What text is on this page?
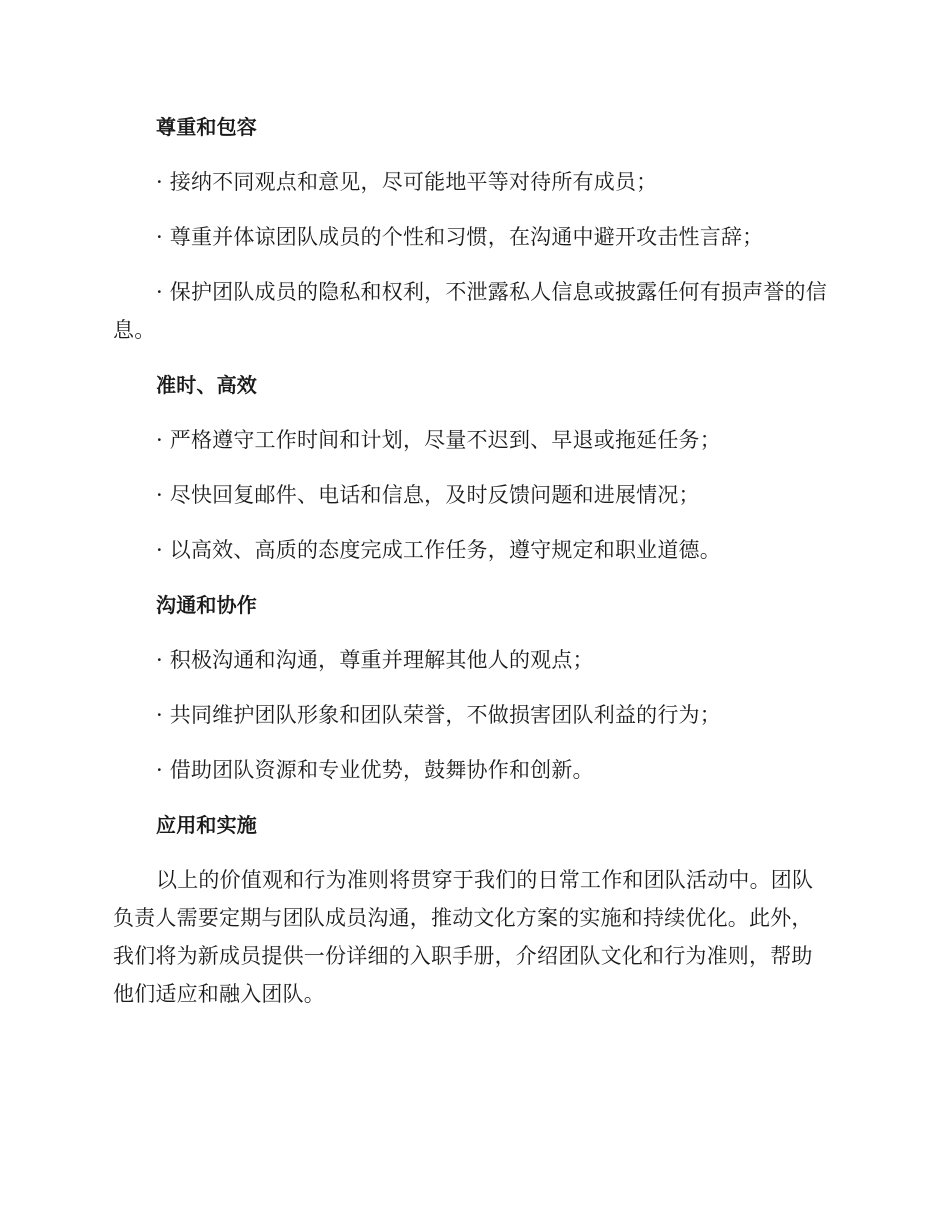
尊重和包容
· 接纳不同观点和意见，尽可能地平等对待所有成员；
· 尊重并体谅团队成员的个性和习惯，在沟通中避开攻击性言辞；
· 保护团队成员的隐私和权利，不泄露私人信息或披露任何有损声誉的信息。
准时、高效
· 严格遵守工作时间和计划，尽量不迟到、早退或拖延任务；
· 尽快回复邮件、电话和信息，及时反馈问题和进展情况；
· 以高效、高质的态度完成工作任务，遵守规定和职业道德。
沟通和协作
· 积极沟通和沟通，尊重并理解其他人的观点；
· 共同维护团队形象和团队荣誉，不做损害团队利益的行为；
· 借助团队资源和专业优势，鼓舞协作和创新。
应用和实施

以上的价值观和行为准则将贯穿于我们的日常工作和团队活动中。团队负责人需要定期与团队成员沟通，推动文化方案的实施和持续优化。此外，我们将为新成员提供一份详细的入职手册，介绍团队文化和行为准则，帮助他们适应和融入团队。
